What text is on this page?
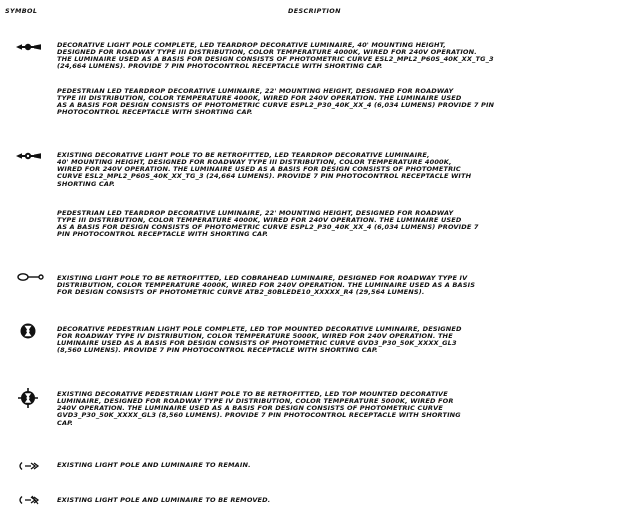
SYMBOL	DESCRIPTION
DECORATIVE LIGHT POLE COMPLETE, LED TEARDROP DECORATIVE LUMINAIRE, 40' MOUNTING HEIGHT,
DESIGNED FOR ROADWAY TYPE III DISTRIBUTION, COLOR TEMPERATURE 4000K, WIRED FOR 240V OPERATION.
THE LUMINAIRE USED AS A BASIS FOR DESIGN CONSISTS OF PHOTOMETRIC CURVE ESL2_MPL2_P60S_40K_XX_TG_3
(24,664 LUMENS). PROVIDE 7 PIN PHOTOCONTROL RECEPTACLE WITH SHORTING CAP.
PEDESTRIAN LED TEARDROP DECORATIVE LUMINAIRE, 22' MOUNTING HEIGHT, DESIGNED FOR ROADWAY
TYPE III DISTRIBUTION, COLOR TEMPERATURE 4000K, WIRED FOR 240V OPERATION. THE LUMINAIRE USED
AS A BASIS FOR DESIGN CONSISTS OF PHOTOMETRIC CURVE ESPL2_P30_40K_XX_4 (6,034 LUMENS) PROVIDE 7 PIN
PHOTOCONTROL RECEPTACLE WITH SHORTING CAP.
EXISTING DECORATIVE LIGHT POLE TO BE RETROFITTED, LED TEARDROP DECORATIVE LUMINAIRE,
40' MOUNTING HEIGHT, DESIGNED FOR ROADWAY TYPE III DISTRIBUTION, COLOR TEMPERATURE 4000K,
WIRED FOR 240V OPERATION. THE LUMINAIRE USED AS A BASIS FOR DESIGN CONSISTS OF PHOTOMETRIC
CURVE ESL2_MPL2_P60S_40K_XX_TG_3 (24,664 LUMENS). PROVIDE 7 PIN PHOTOCONTROL RECEPTACLE WITH
SHORTING CAP.
PEDESTRIAN LED TEARDROP DECORATIVE LUMINAIRE, 22' MOUNTING HEIGHT, DESIGNED FOR ROADWAY
TYPE III DISTRIBUTION, COLOR TEMPERATURE 4000K, WIRED FOR 240V OPERATION. THE LUMINAIRE USED
AS A BASIS FOR DESIGN CONSISTS OF PHOTOMETRIC CURVE ESPL2_P30_40K_XX_4 (6,034 LUMENS) PROVIDE 7
PIN PHOTOCONTROL RECEPTACLE WITH SHORTING CAP.
EXISTING LIGHT POLE TO BE RETROFITTED, LED COBRAHEAD LUMINAIRE, DESIGNED FOR ROADWAY TYPE IV
DISTRIBUTION, COLOR TEMPERATURE 4000K, WIRED FOR 240V OPERATION. THE LUMINAIRE USED AS A BASIS
FOR DESIGN CONSISTS OF PHOTOMETRIC CURVE ATB2_80BLEDE10_XXXXX_R4 (29,564 LUMENS).
DECORATIVE PEDESTRIAN LIGHT POLE COMPLETE, LED TOP MOUNTED DECORATIVE LUMINAIRE, DESIGNED
FOR ROADWAY TYPE IV DISTRIBUTION, COLOR TEMPERATURE 5000K, WIRED FOR 240V OPERATION. THE
LUMINAIRE USED AS A BASIS FOR DESIGN CONSISTS OF PHOTOMETRIC CURVE GVD3_P30_50K_XXXX_GL3
(8,560 LUMENS). PROVIDE 7 PIN PHOTOCONTROL RECEPTACLE WITH SHORTING CAP.
EXISTING DECORATIVE PEDESTRIAN LIGHT POLE TO BE RETROFITTED, LED TOP MOUNTED DECORATIVE
LUMINAIRE, DESIGNED FOR ROADWAY TYPE IV DISTRIBUTION, COLOR TEMPERATURE 5000K, WIRED FOR
240V OPERATION. THE LUMINAIRE USED AS A BASIS FOR DESIGN CONSISTS OF PHOTOMETRIC CURVE
GVD3_P30_50K_XXXX_GL3 (8,560 LUMENS). PROVIDE 7 PIN PHOTOCONTROL RECEPTACLE WITH SHORTING
CAP.
EXISTING LIGHT POLE AND LUMINAIRE TO REMAIN.
EXISTING LIGHT POLE AND LUMINAIRE TO BE REMOVED.
